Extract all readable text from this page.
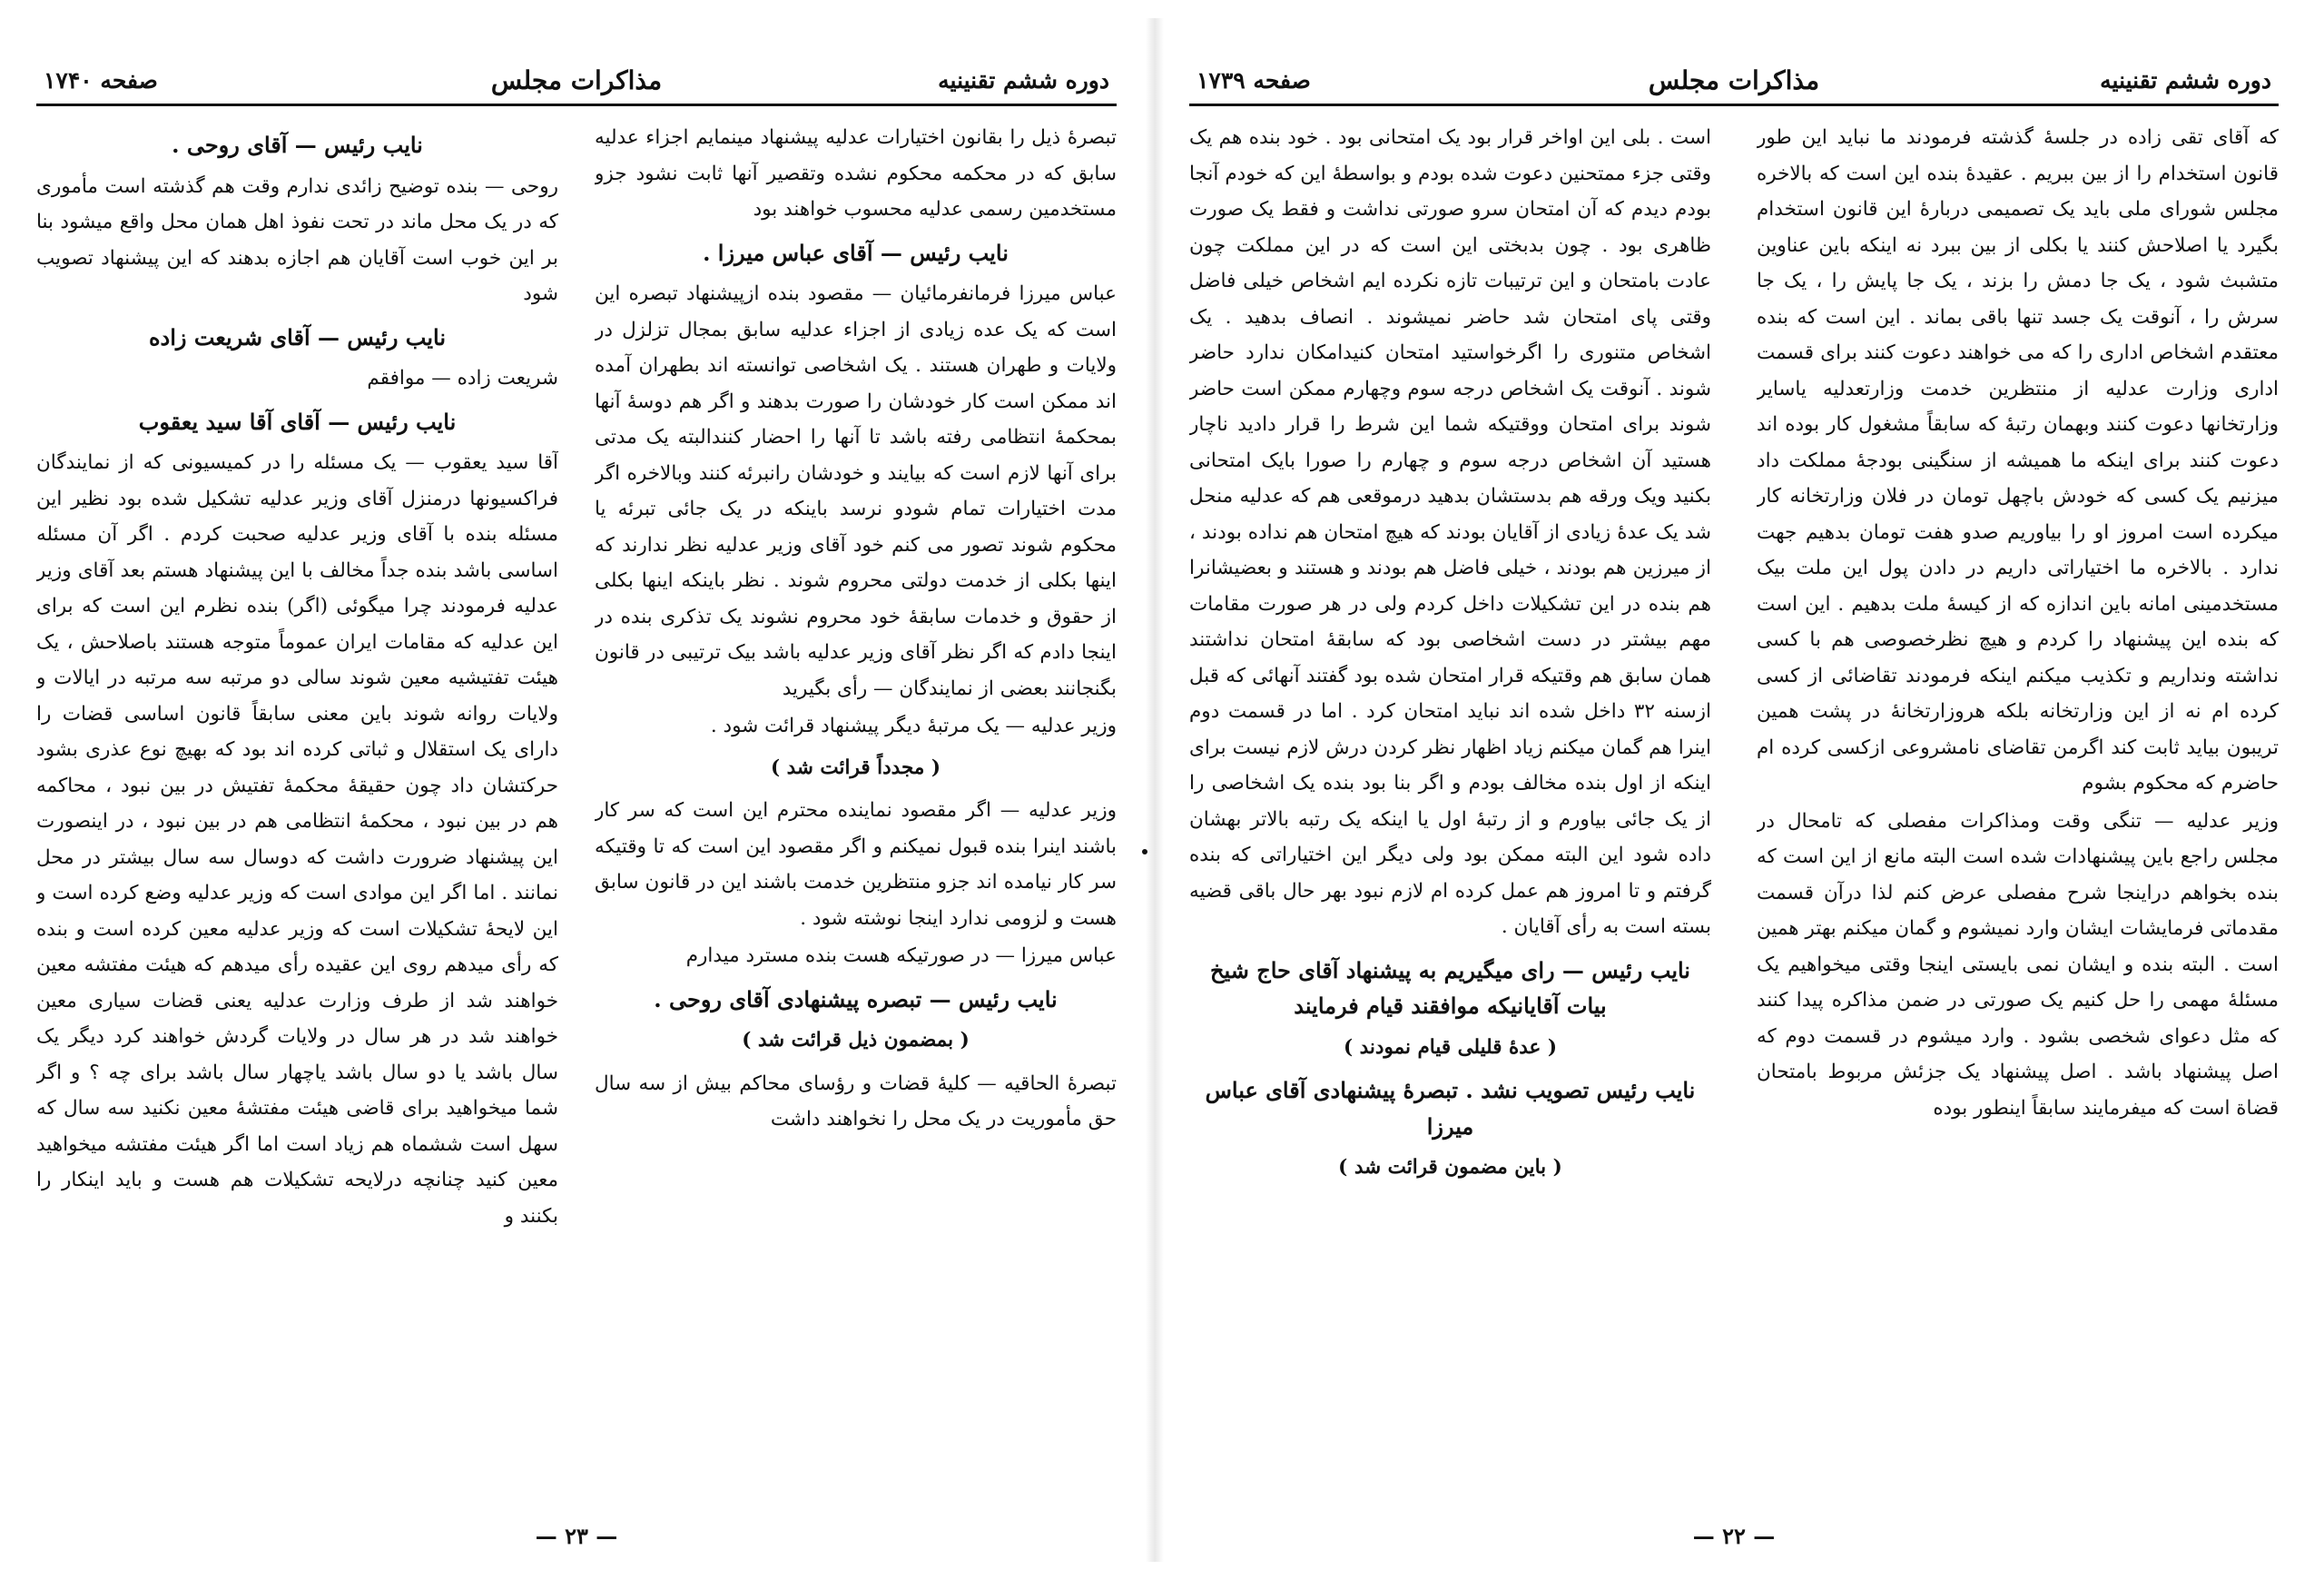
دوره ششم تقنینیه
مذاکرات مجلس
صفحه ۱۷۴۰

تبصرهٔ ذیل را بقانون اختیارات عدلیه پیشنهاد مینمایم اجزاء عدلیه سابق که در محکمه محکوم نشده وتقصیر آنها ثابت نشود جزو مستخدمین رسمی عدلیه محسوب خواهند بود

نایب رئیس — آقای عباس میرزا .

عباس میرزا فرمانفرمائیان — مقصود بنده ازپیشنهاد تبصره این است که یک عده زیادی از اجزاء عدلیه سابق بمجال تزلزل در ولایات و طهران هستند . یک اشخاصی توانسته اند بطهران آمده اند ممکن است کار خودشان را صورت بدهند و اگر هم دوسهٔ آنها بمحکمهٔ انتظامی رفته باشد تا آنها را احضار کنندالبته یک مدتی برای آنها لازم است که بیایند و خودشان رانبرئه کنند وبالاخره اگر مدت اختیارات تمام شودو نرسد باینکه در یک جائی تبرئه یا محکوم شوند تصور می کنم خود آقای وزیر عدلیه نظر ندارند که اینها بکلی از خدمت دولتی محروم شوند . نظر باینکه اینها بکلی از حقوق و خدمات سابقهٔ خود محروم نشوند یک تذکری بنده در اینجا دادم که اگر نظر آقای وزیر عدلیه باشد بیک ترتیبی در قانون بگنجانند بعضی از نمایندگان — رأی بگیرید

وزیر عدلیه — یک مرتبهٔ دیگر پیشنهاد قرائت شود .

( مجدداً قرائت شد )

وزیر عدلیه — اگر مقصود نماینده محترم این است که سر کار باشند اینرا بنده قبول نمیکنم و اگر مقصود این است که تا وقتیکه سر کار نیامده اند جزو منتظرین خدمت باشند این در قانون سابق هست و لزومی ندارد اینجا نوشته شود .

عباس میرزا — در صورتیکه هست بنده مسترد میدارم

نایب رئیس — تبصره پیشنهادی آقای روحی .
( بمضمون ذیل قرائت شد )

تبصرهٔ الحاقیه — کلیهٔ قضات و رؤسای محاکم بیش از سه سال حق مأموریت در یک محل را نخواهند داشت

نایب رئیس — آقای روحی .

روحی — بنده توضیح زائدی ندارم وقت هم گذشته است مأموری که در یک محل ماند در تحت نفوذ اهل همان محل واقع میشود بنا بر این خوب است آقایان هم اجازه بدهند که این پیشنهاد تصویب شود

نایب رئیس — آقای شریعت زاده

شریعت زاده — موافقم

نایب رئیس — آقای آقا سید یعقوب

آقا سید یعقوب — یک مسئله را در کمیسیونی که از نمایندگان فراکسیونها درمنزل آقای وزیر عدلیه تشکیل شده بود نظیر این مسئله بنده با آقای وزیر عدلیه صحبت کردم . اگر آن مسئله اساسی باشد بنده جداً مخالف با این پیشنهاد هستم بعد آقای وزیر عدلیه فرمودند چرا میگوئی (اگر) بنده نظرم این است که برای این عدلیه که مقامات ایران عموماً متوجه هستند باصلاحش ، یک هیئت تفتیشیه معین شوند سالی دو مرتبه سه مرتبه در ایالات و ولایات روانه شوند باین معنی سابقاً قانون اساسی قضات را دارای یک استقلال و ثباتی کرده اند بود که بهیچ نوع عذری بشود حرکتشان داد چون حقیقهٔ محکمهٔ تفتیش در بین نبود ، محاکمه هم در بین نبود ، محکمهٔ انتظامی هم در بین نبود ، در اینصورت این پیشنهاد ضرورت داشت که دوسال سه سال بیشتر در محل نمانند . اما اگر این موادی است که وزیر عدلیه وضع کرده است و این لایحهٔ تشکیلات است که وزیر عدلیه معین کرده است و بنده که رأی میدهم روی این عقیده رأی میدهم که هیئت مفتشه معین خواهند شد از طرف وزارت عدلیه یعنی قضات سیاری معین خواهند شد در هر سال در ولایات گردش خواهند کرد دیگر یک سال باشد یا دو سال باشد یاچهار سال باشد برای چه ؟ و اگر شما میخواهید برای قاضی هیئت مفتشهٔ معین نکنید سه سال که سهل است ششماه هم زیاد است اما اگر هیئت مفتشه میخواهید معین کنید چنانچه درلایحه تشکیلات هم هست و باید اینکار را بکنند و

— ۲۳ —
دوره ششم تقنینیه
مذاکرات مجلس
صفحه ۱۷۳۹

که آقای تقی زاده در جلسهٔ گذشته فرمودند ما نباید این طور قانون استخدام را از بین ببریم . عقیدهٔ بنده این است که بالاخره مجلس شورای ملی باید یک تصمیمی دربارهٔ این قانون استخدام بگیرد یا اصلاحش کنند یا بکلی از بین ببرد نه اینکه باین عناوین متشبث شود ، یک جا دمش را بزند ، یک جا پایش را ، یک جا سرش را ، آنوقت یک جسد تنها باقی بماند . این است که بنده معتقدم اشخاص اداری را که می خواهند دعوت کنند برای قسمت اداری وزارت عدلیه از منتظرین خدمت وزارتعدلیه یاسایر وزارتخانها دعوت کنند وبهمان رتبهٔ که سابقاً مشغول کار بوده اند دعوت کنند برای اینکه ما همیشه از سنگینی بودجهٔ مملکت داد میزنیم یک کسی که خودش باچهل تومان در فلان وزارتخانه کار میکرده است امروز او را بیاوریم صدو هفت تومان بدهیم جهت ندارد . بالاخره ما اختیاراتی داریم در دادن پول این ملت بیک مستخدمینی امانه باین اندازه که از کیسهٔ ملت بدهیم . این است که بنده این پیشنهاد را کردم و هیچ نظرخصوصی هم با کسی نداشته ونداریم و تکذیب میکنم اینکه فرمودند تقاضائی از کسی کرده ام نه از این وزارتخانه بلکه هروزارتخانهٔ در پشت همین تریبون بیاید ثابت کند اگرمن تقاضای نامشروعی ازکسی کرده ام حاضرم که محکوم بشوم

وزیر عدلیه — تنگی وقت ومذاکرات مفصلی که تامحال در مجلس راجع باین پیشنهادات شده است البته مانع از این است که بنده بخواهم دراینجا شرح مفصلی عرض کنم لذا درآن قسمت مقدماتی فرمایشات ایشان وارد نمیشوم و گمان میکنم بهتر همین است . البته بنده و ایشان نمی بایستی اینجا وقتی میخواهیم یک مسئلهٔ مهمی را حل کنیم یک صورتی در ضمن مذاکره پیدا کنند که مثل دعوای شخصی بشود . وارد میشوم در قسمت دوم که اصل پیشنهاد باشد . اصل پیشنهاد یک جزئش مربوط بامتحان قضاة است که میفرمایند سابقاً اینطور بوده

است . بلی این اواخر قرار بود یک امتحانی بود . خود بنده هم یک وقتی جزء ممتحنین دعوت شده بودم و بواسطهٔ این که خودم آنجا بودم دیدم که آن امتحان سرو صورتی نداشت و فقط یک صورت ظاهری بود . چون بدبختی این است که در این مملکت چون عادت بامتحان و این ترتیبات تازه نکرده ایم اشخاص خیلی فاضل وقتی پای امتحان شد حاضر نمیشوند . انصاف بدهید . یک اشخاص متنوری را اگرخواستید امتحان کنیدامکان ندارد حاضر شوند . آنوقت یک اشخاص درجه سوم وچهارم ممکن است حاضر شوند برای امتحان ووقتیکه شما این شرط را قرار دادید ناچار هستید آن اشخاص درجه سوم و چهارم را صورا بایک امتحانی بکنید ویک ورقه هم بدستشان بدهید درموقعی هم که عدلیه منحل شد یک عدهٔ زیادی از آقایان بودند که هیچ امتحان هم نداده بودند ، از میرزین هم بودند ، خیلی فاضل هم بودند و هستند و بعضیشانرا هم بنده در این تشکیلات داخل کردم ولی در هر صورت مقامات مهم بیشتر در دست اشخاصی بود که سابقهٔ امتحان نداشتند همان سابق هم وقتیکه قرار امتحان شده بود گفتند آنهائی که قبل ازسنه ۳۲ داخل شده اند نباید امتحان کرد . اما در قسمت دوم اینرا هم گمان میکنم زیاد اظهار نظر کردن درش لازم نیست برای اینکه از اول بنده مخالف بودم و اگر بنا بود بنده یک اشخاصی را از یک جائی بیاورم و از رتبهٔ اول یا اینکه یک رتبه بالاتر بهشان داده شود این البته ممکن بود ولی دیگر این اختیاراتی که بنده گرفتم و تا امروز هم عمل کرده ام لازم نبود بهر حال باقی قضیه بسته است به رأی آقایان .

نایب رئیس — رای میگیریم به پیشنهاد آقای حاج شیخ بیات آقایانیکه موافقند قیام فرمایند
( عدهٔ قلیلی قیام نمودند )
نایب رئیس تصویب نشد . تبصرهٔ پیشنهادی آقای عباس میرزا
( باین مضمون قرائت شد )
— ۲۲ —
